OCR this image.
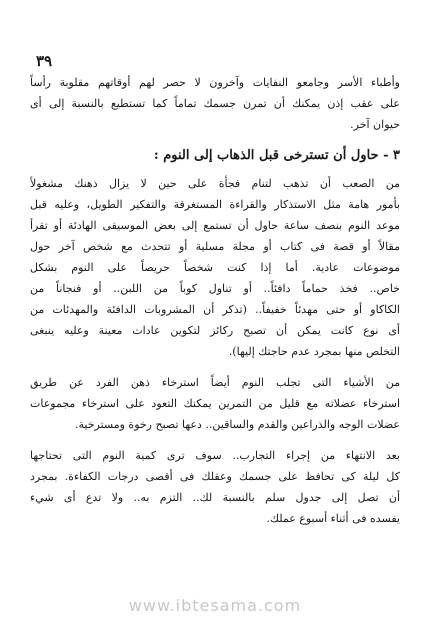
٣٩
وأطباء الأسر وجامعو النفايات وآخرون لا حصر لهم أوقاتهم مقلوبة رأساً
على عقب إذن يمكنك أن تمرن جسمك تماماً كما تستطيع بالنسبة إلى أى
حيوان آخر.
٣ - حاول أن تسترخى قبل الذهاب إلى النوم :
من الصعب أن تذهب لتنام فجأة على حين لا يزال ذهنك مشغولاً
بأمور هامة مثل الاستذكار والقراءة المستغرقة والتفكير الطويل، وعليه قبل
موعد النوم بنصف ساعة حاول أن تستمع إلى بعض الموسيقى الهادئة أو تقرأ
مقالاً أو قصة فى كتاب أو مجلة مسلية أو تتحدث مع شخص آخر حول
موضوعات عادية. أما إذا كنت شخصاً حريصاً على النوم بشكل
خاص.. فخذ حماماً دافئاً.. أو تناول كوباً من اللبن.. أو فنجاناً من
الكاكاو أو حتى مهدئاً خفيفاً.. (تذكر أن المشروبات الدافئة والمهدئات من
أى نوع كانت يمكن أن تصبح ركائز لتكوين عادات معينة وعليه ينبغى
التخلص منها بمجرد عدم حاجتك إليها).
من الأشياء التى تجلب النوم أيضاً استرخاء ذهن الفرد عن طريق
استرخاء عضلاته مع قليل من التمرين يمكنك التعود على استرخاء مجموعات
عضلات الوجه والذراعين والقدم والساقين.. دعها تصبح رخوة ومسترخية.
بعد الانتهاء من إجراء التجارب.. سوف ترى كمية النوم التى تحتاجها
كل ليلة كى تحافظ على جسمك وعقلك فى أقصى درجات الكفاءة. بمجرد
أن تصل إلى جدول سلم بالنسبة لك.. التزم به.. ولا تدع أى شيء
يفسده فى أثناء أسبوع عملك.
www.ibtesama.com
